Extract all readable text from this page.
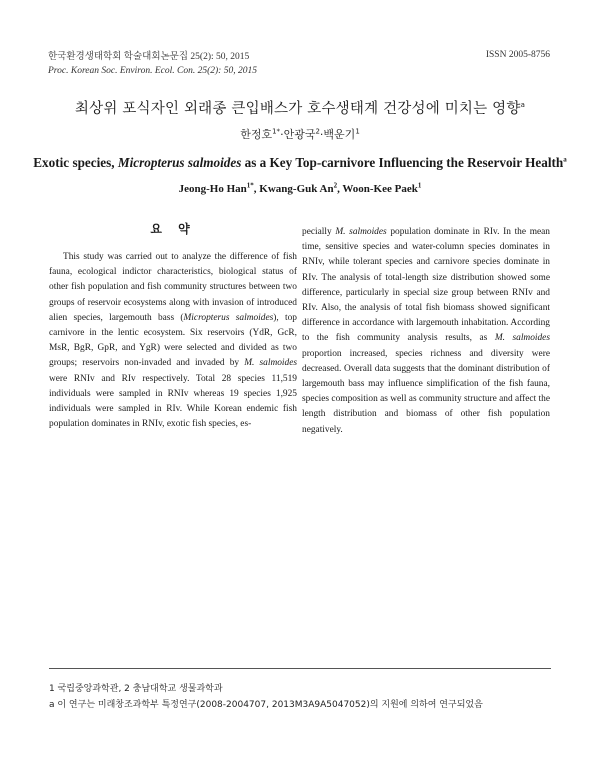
한국환경생태학회 학술대회논문집 25(2): 50, 2015
Proc. Korean Soc. Environ. Ecol. Con. 25(2): 50, 2015
ISSN 2005-8756
최상위 포식자인 외래종 큰입배스가 호수생태계 건강성에 미치는 영향$^a$
한정호$^{1*}$·안광국$^2$·백운기$^1$
Exotic species, Micropterus salmoides as a Key Top-carnivore Influencing the Reservoir Health$^a$
Jeong-Ho Han$^{1*}$, Kwang-Guk An$^2$, Woon-Kee Paek$^1$
요 약

This study was carried out to analyze the difference of fish fauna, ecological indictor characteristics, biological status of other fish population and fish community structures between two groups of reservoir ecosystems along with invasion of introduced alien species, largemouth bass (Micropterus salmoides), top carnivore in the lentic ecosystem. Six reservoirs (YdR, GcR, MsR, BgR, GpR, and YgR) were selected and divided as two groups; reservoirs non-invaded and invaded by M. salmoides were RNIv and RIv respectively. Total 28 species 11,519 individuals were sampled in RNIv whereas 19 species 1,925 individuals were sampled in RIv. While Korean endemic fish population dominates in RNIv, exotic fish species, es-

pecially M. salmoides population dominate in RIv. In the mean time, sensitive species and water-column species dominates in RNIv, while tolerant species and carnivore species dominate in RIv. The analysis of total-length size distribution showed some difference, particularly in special size group between RNIv and RIv. Also, the analysis of total fish biomass showed significant difference in accordance with largemouth inhabitation. According to the fish community analysis results, as M. salmoides proportion increased, species richness and diversity were decreased. Overall data suggests that the dominant distribution of largemouth bass may influence simplification of the fish fauna, species composition as well as community structure and affect the length distribution and biomass of other fish population negatively.

1 국립중앙과학관, 2 충남대학교 생물과학과
a 이 연구는 미래창조과학부 특정연구(2008-2004707, 2013M3A9A5047052)의 지원에 의하여 연구되었음
